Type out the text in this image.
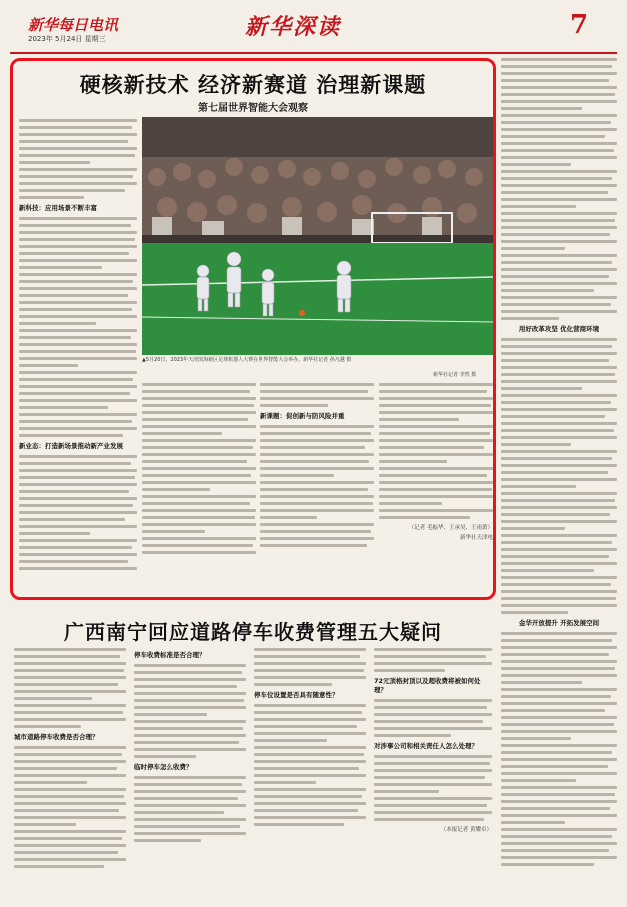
新华每日电讯
2023年 5月24日 星期三	新华深读	7
硬核新技术 经济新赛道 治理新课题
第七届世界智能大会观察
新科技：应用场景不断丰富
新业态：打造新场景推动新产业发展
▲5月20日，2023年天津滨海新区足球机器人大赛在世界智能大会举办。新华社记者 孙凡越 摄
新华社记者 李然 摄
新课题：促创新与防风险并重
（记者 毛振华、王承昊、王雨萧）
新华社天津电
用好改革攻坚 优化营商环境
金华开放提升 开拓发展空间
广西南宁回应道路停车收费管理五大疑问
城市道路停车收费是否合理？
停车收费标准是否合理？
临时停车怎么收费？
停车位设置是否具有随意性？
72元顶格封顶以及超收费将被如何处理？
对涉事公司和相关责任人怎么处理？
（本报记者 黄耀卓）
